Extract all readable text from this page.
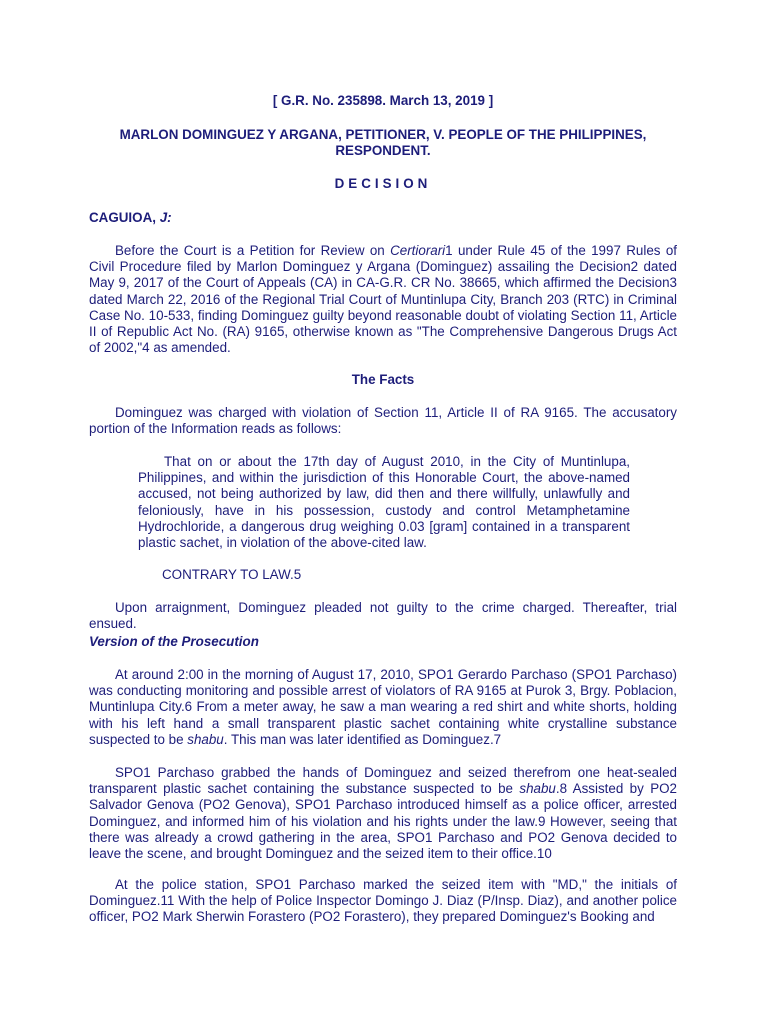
[ G.R. No. 235898. March 13, 2019 ]

MARLON DOMINGUEZ Y ARGANA, PETITIONER, V. PEOPLE OF THE PHILIPPINES, RESPONDENT.

DECISION

CAGUIOA, J:

Before the Court is a Petition for Review on Certiorari1 under Rule 45 of the 1997 Rules of Civil Procedure filed by Marlon Dominguez y Argana (Dominguez) assailing the Decision2 dated May 9, 2017 of the Court of Appeals (CA) in CA-G.R. CR No. 38665, which affirmed the Decision3 dated March 22, 2016 of the Regional Trial Court of Muntinlupa City, Branch 203 (RTC) in Criminal Case No. 10-533, finding Dominguez guilty beyond reasonable doubt of violating Section 11, Article II of Republic Act No. (RA) 9165, otherwise known as "The Comprehensive Dangerous Drugs Act of 2002,"4 as amended.

The Facts

Dominguez was charged with violation of Section 11, Article II of RA 9165. The accusatory portion of the Information reads as follows:

That on or about the 17th day of August 2010, in the City of Muntinlupa, Philippines, and within the jurisdiction of this Honorable Court, the above-named accused, not being authorized by law, did then and there willfully, unlawfully and feloniously, have in his possession, custody and control Metamphetamine Hydrochloride, a dangerous drug weighing 0.03 [gram] contained in a transparent plastic sachet, in violation of the above-cited law.

CONTRARY TO LAW.5

Upon arraignment, Dominguez pleaded not guilty to the crime charged. Thereafter, trial ensued.

Version of the Prosecution

At around 2:00 in the morning of August 17, 2010, SPO1 Gerardo Parchaso (SPO1 Parchaso) was conducting monitoring and possible arrest of violators of RA 9165 at Purok 3, Brgy. Poblacion, Muntinlupa City.6 From a meter away, he saw a man wearing a red shirt and white shorts, holding with his left hand a small transparent plastic sachet containing white crystalline substance suspected to be shabu. This man was later identified as Dominguez.7

SPO1 Parchaso grabbed the hands of Dominguez and seized therefrom one heat-sealed transparent plastic sachet containing the substance suspected to be shabu.8 Assisted by PO2 Salvador Genova (PO2 Genova), SPO1 Parchaso introduced himself as a police officer, arrested Dominguez, and informed him of his violation and his rights under the law.9 However, seeing that there was already a crowd gathering in the area, SPO1 Parchaso and PO2 Genova decided to leave the scene, and brought Dominguez and the seized item to their office.10

At the police station, SPO1 Parchaso marked the seized item with "MD," the initials of Dominguez.11 With the help of Police Inspector Domingo J. Diaz (P/Insp. Diaz), and another police officer, PO2 Mark Sherwin Forastero (PO2 Forastero), they prepared Dominguez's Booking and
